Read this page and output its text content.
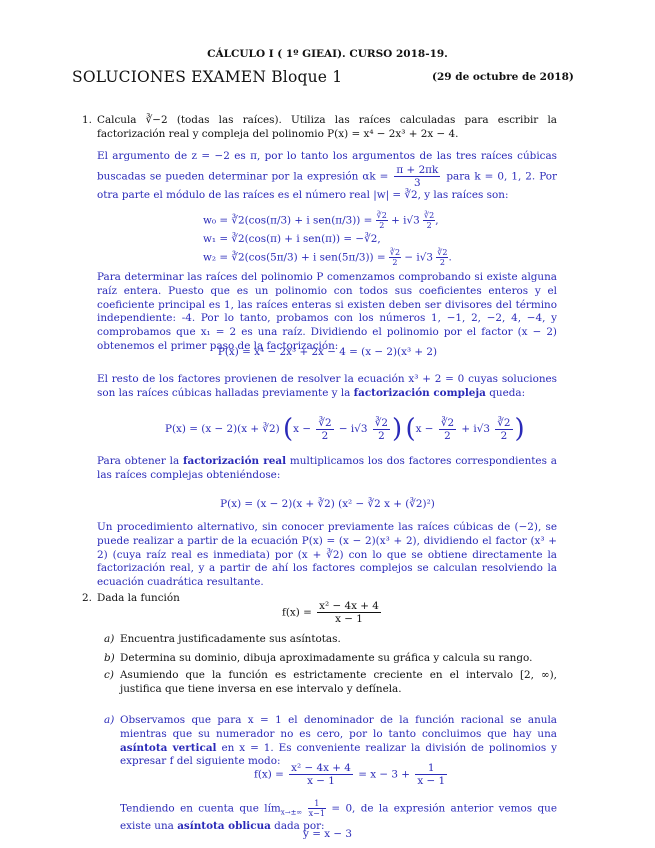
CÁLCULO I ( 1º GIEAI). CURSO 2018-19.
SOLUCIONES EXAMEN Bloque 1	(29 de octubre de 2018)
1. Calcula ∛−2 (todas las raíces). Utiliza las raíces calculadas para escribir la factorización real y compleja del polinomio P(x) = x⁴ − 2x³ + 2x − 4.
El argumento de z = −2 es π, por lo tanto los argumentos de las tres raíces cúbicas buscadas se pueden determinar por la expresión $\alpha k = \frac{\pi + 2\pi k}{3}$ para k = 0, 1, 2. Por otra parte el módulo de las raíces es el número real |w| = ∛2, y las raíces son:
w₀ = ∛2(cos(π/3) + i $sen(\pi/3)) = \frac{∛2}{2} + i√3 \frac{∛2}{2}$ ,
w₁ = ∛2(cos(π) + i sen(π)) = −∛2,
w₂ = ∛2(cos(5π/3) + i $sen(5\pi/3)) = \frac{∛2}{2} - i√3 \frac{∛2}{2}$ .
Para determinar las raíces del polinomio P comenzamos comprobando si existe alguna raíz entera. Puesto que es un polinomio con todos sus coeficientes enteros y el coeficiente principal es 1, las raíces enteras si existen deben ser divisores del término independiente: -4. Por lo tanto, probamos con los números 1, −1, 2, −2, 4, −4, y comprobamos que x₁ = 2 es una raíz. Dividiendo el polinomio por el factor (x − 2) obtenemos el primer paso de la factorización:
P(x) = x⁴ − 2x³ + 2x − 4 = (x − 2)(x³ + 2)
El resto de los factores provienen de resolver la ecuación x³ + 2 = 0 cuyas soluciones son las raíces cúbicas halladas previamente y la factorización compleja queda:
P(x) = (x − 2)(x + ∛2) ($x - \frac{∛2}{2} - i√3 \frac{∛2}{2}$ ) ($x - \frac{∛2}{2} + i√3 \frac{∛2}{2}$ )
Para obtener la factorización real multiplicamos los dos factores correspondientes a las raíces complejas obteniéndose:
P(x) = (x − 2)(x + ∛2) (x² − ∛2 x + (∛2)²)
Un procedimiento alternativo, sin conocer previamente las raíces cúbicas de (−2), se puede realizar a partir de la ecuación P(x) = (x − 2)(x³ + 2), dividiendo el factor (x³ + 2) (cuya raíz real es inmediata) por (x + ∛2) con lo que se obtiene directamente la factorización real, y a partir de ahí los factores complejos se calculan resolviendo la ecuación cuadrática resultante.
2. Dada la función
$f(x) = \frac{\text{x² − 4x + 4}}{x - 1}$
a) Encuentra justificadamente sus asíntotas.
b) Determina su dominio, dibuja aproximadamente su gráfica y calcula su rango.
c) Asumiendo que la función es estrictamente creciente en el intervalo [2, ∞), justifica que tiene inversa en ese intervalo y defínela.
a) Observamos que para x = 1 el denominador de la función racional se anula mientras que su numerador no es cero, por lo tanto concluimos que hay una asíntota vertical en x = 1. Es conveniente realizar la división de polinomios y expresar f del siguiente modo:
$f(x) = \frac{\text{x² − 4x + 4}}{x - 1} = x - 3 + \frac{1}{x - 1}$
Tendiendo en cuenta que lím$_{x\to\pm\infty}$ $\frac{1}{x-1} = 0$, de la expresión anterior vemos que existe una asíntota oblicua dada por:
y = x − 3
